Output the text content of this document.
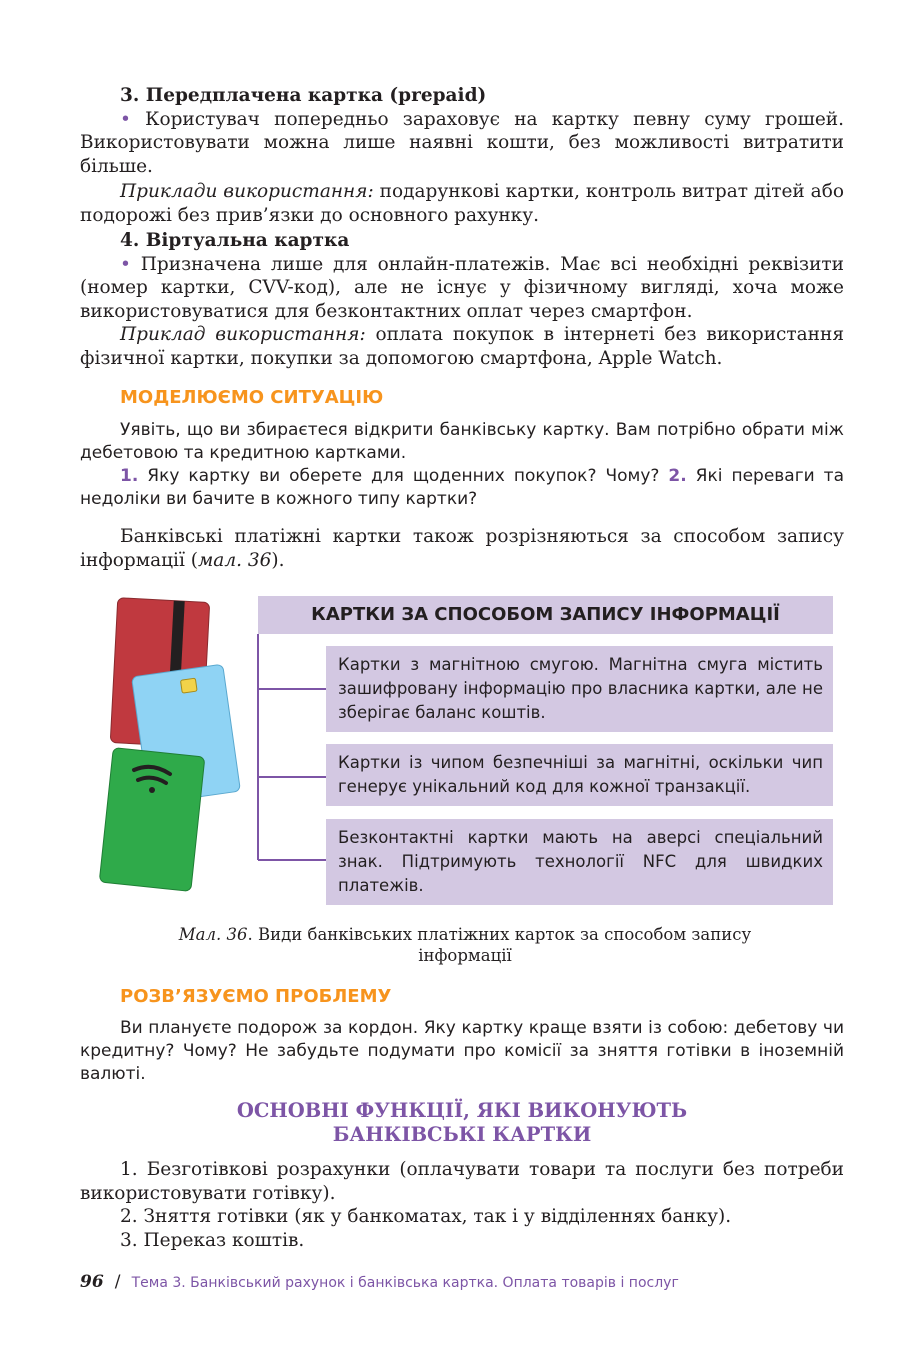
3. Передплачена картка (prepaid)
• Користувач попередньо зараховує на картку певну суму грошей. Використовувати можна лише наявні кошти, без можливості витратити більше.
Приклади використання: подарункові картки, контроль витрат дітей або подорожі без прив’язки до основного рахунку.
4. Віртуальна картка
• Призначена лише для онлайн-платежів. Має всі необхідні реквізити (номер картки, CVV-код), але не існує у фізичному вигляді, хоча може використовуватися для безконтактних оплат через смартфон.
Приклад використання: оплата покупок в інтернеті без використання фізичної картки, покупки за допомогою смартфона, Apple Watch.
МОДЕЛЮЄМО СИТУАЦІЮ
Уявіть, що ви збираєтеся відкрити банківську картку. Вам потрібно обрати між дебетовою та кредитною картками.
1. Яку картку ви оберете для щоденних покупок? Чому? 2. Які переваги та недоліки ви бачите в кожного типу картки?
Банківські платіжні картки також розрізняються за способом запису інформації (мал. 36).
КАРТКИ ЗА СПОСОБОМ ЗАПИСУ ІНФОРМАЦІЇ
Картки з магнітною смугою. Магнітна смуга містить зашифровану інформацію про власника картки, але не зберігає баланс коштів.
Картки із чипом безпечніші за магнітні, оскільки чип генерує унікальний код для кожної транзакції.
Безконтактні картки мають на аверсі спеціальний знак. Підтримують технології NFC для швидких платежів.
Мал. 36. Види банківських платіжних карток за способом запису інформації
РОЗВ’ЯЗУЄМО ПРОБЛЕМУ
Ви плануєте подорож за кордон. Яку картку краще взяти із собою: дебетову чи кредитну? Чому? Не забудьте подумати про комісії за зняття готівки в іноземній валюті.
ОСНОВНІ ФУНКЦІЇ, ЯКІ ВИКОНУЮТЬ
БАНКІВСЬКІ КАРТКИ
1. Безготівкові розрахунки (оплачувати товари та послуги без потреби використовувати готівку).
2. Зняття готівки (як у банкоматах, так і у відділеннях банку).
3. Переказ коштів.
96 / Тема 3. Банківський рахунок і банківська картка. Оплата товарів і послуг
